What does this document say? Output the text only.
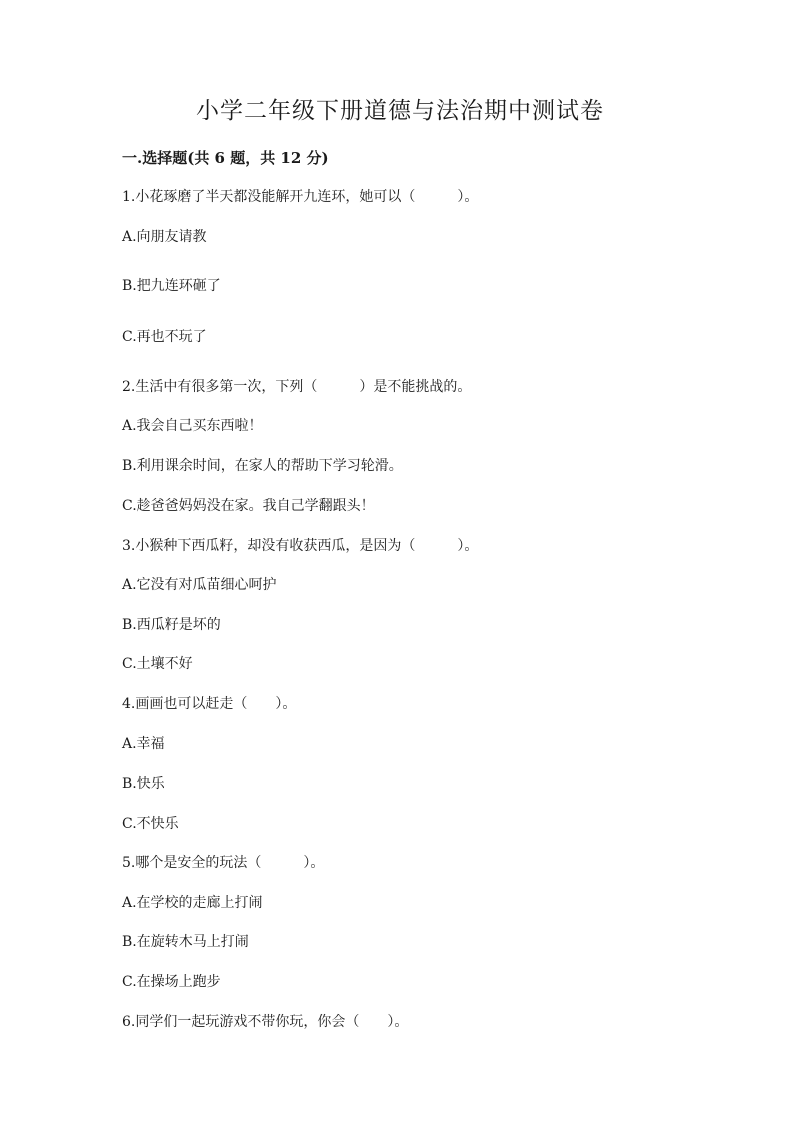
小学二年级下册道德与法治期中测试卷
一.选择题(共 6 题，共 12 分)
1.小花琢磨了半天都没能解开九连环，她可以（　　　）。
A.向朋友请教
B.把九连环砸了
C.再也不玩了
2.生活中有很多第一次，下列（　　　）是不能挑战的。
A.我会自己买东西啦！
B.利用课余时间，在家人的帮助下学习轮滑。
C.趁爸爸妈妈没在家。我自己学翻跟头！
3.小猴种下西瓜籽，却没有收获西瓜，是因为（　　　）。
A.它没有对瓜苗细心呵护
B.西瓜籽是坏的
C.土壤不好
4.画画也可以赶走（　　）。
A.幸福
B.快乐
C.不快乐
5.哪个是安全的玩法（　　　）。
A.在学校的走廊上打闹
B.在旋转木马上打闹
C.在操场上跑步
6.同学们一起玩游戏不带你玩，你会（　　）。
